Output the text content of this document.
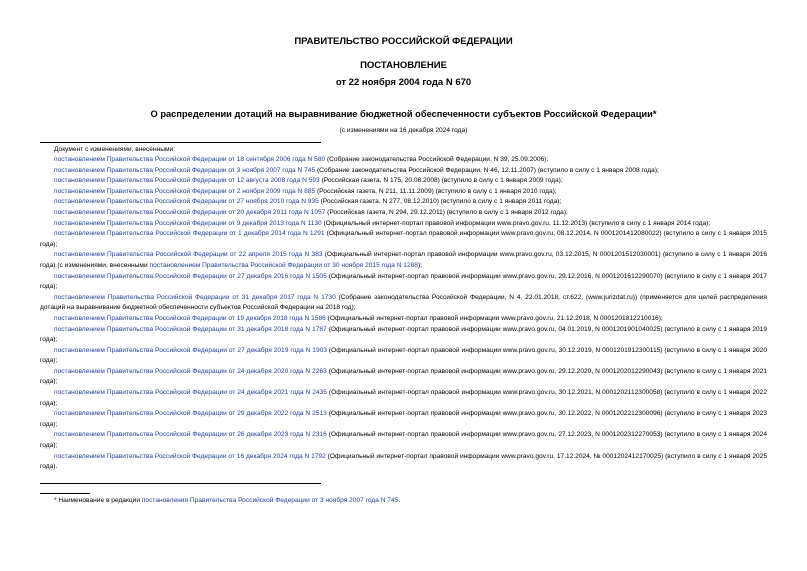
ПРАВИТЕЛЬСТВО РОССИЙСКОЙ ФЕДЕРАЦИИ
ПОСТАНОВЛЕНИЕ
от 22 ноября 2004 года N 670
О распределении дотаций на выравнивание бюджетной обеспеченности субъектов Российской Федерации*
(с изменениями на 16 декабря 2024 года)
Документ с изменениями, внесенными:

постановлением Правительства Российской Федерации от 18 сентября 2006 года N 580 (Собрание законодательства Российской Федерации, N 39, 25.09.2006);

постановлением Правительства Российской Федерации от 3 ноября 2007 года N 745 (Собрание законодательства Российской Федерации, N 46, 12.11.2007) (вступило в силу с 1 января 2008 года);

постановлением Правительства Российской Федерации от 12 августа 2008 года N 593 (Российская газета, N 175, 20.08.2008) (вступило в силу с 1 января 2009 года);

постановлением Правительства Российской Федерации от 2 ноября 2009 года N 885 (Российская газета, N 211, 11.11.2009) (вступило в силу с 1 января 2010 года);

постановлением Правительства Российской Федерации от 27 ноября 2010 года N 935 (Российская газета, N 277, 08.12.2010) (вступило в силу с 1 января 2011 года);

постановлением Правительства Российской Федерации от 20 декабря 2011 года N 1057 (Российская газета, N 294, 29.12.2011) (вступило в силу с 1 января 2012 года);

постановлением Правительства Российской Федерации от 9 декабря 2013 года N 1130 (Официальный интернет-портал правовой информации www.pravo.gov.ru, 11.12.2013) (вступило в силу с 1 января 2014 года);

постановлением Правительства Российской Федерации от 1 декабря 2014 года N 1291 (Официальный интернет-портал правовой информации www.pravo.gov.ru, 08.12.2014, N 0001201412080022) (вступило в силу с 1 января 2015 года);

постановлением Правительства Российской Федерации от 22 апреля 2015 года N 383 (Официальный интернет-портал правовой информации www.pravo.gov.ru, 03.12.2015, N 0001201512030001) (вступило в силу с 1 января 2016 года) (с изменениями, внесенными постановлением Правительства Российской Федерации от 30 ноября 2015 года N 1288);

постановлением Правительства Российской Федерации от 27 декабря 2016 года N 1505 (Официальный интернет-портал правовой информации www.pravo.gov.ru, 29.12.2016, N 0001201612290070) (вступило в силу с 1 января 2017 года);

постановлением Правительства Российской Федерации от 31 декабря 2017 года N 1730 (Собрание законодательства Российской Федерации, N 4, 22.01.2018, ст.622, (www.jurizdat.ru)) (применяется для целей распределения дотаций на выравнивание бюджетной обеспеченности субъектов Российской Федерации на 2018 год);

постановлением Правительства Российской Федерации от 19 декабря 2018 года N 1586 (Официальный интернет-портал правовой информации www.pravo.gov.ru, 21.12.2018, N 0001201812210016);

постановлением Правительства Российской Федерации от 31 декабря 2018 года N 1787 (Официальный интернет-портал правовой информации www.pravo.gov.ru, 04.01.2019, N 0001201901040025) (вступило в силу с 1 января 2019 года);

постановлением Правительства Российской Федерации от 27 декабря 2019 года N 1903 (Официальный интернет-портал правовой информации www.pravo.gov.ru, 30.12.2019, N 0001201912300115) (вступило в силу с 1 января 2020 года);

постановлением Правительства Российской Федерации от 24 декабря 2020 года N 2263 (Официальный интернет-портал правовой информации www.pravo.gov.ru, 29.12.2020, N 0001202012290043) (вступило в силу с 1 января 2021 года);

постановлением Правительства Российской Федерации от 24 декабря 2021 года N 2435 (Официальный интернет-портал правовой информации www.pravo.gov.ru, 30.12.2021, N 0001202112300058) (вступило в силу с 1 января 2022 года);

постановлением Правительства Российской Федерации от 29 декабря 2022 года N 2513 (Официальный интернет-портал правовой информации www.pravo.gov.ru, 30.12.2022, N 0001202212300096) (вступило в силу с 1 января 2023 года);

постановлением Правительства Российской Федерации от 26 декабря 2023 года N 2316 (Официальный интернет-портал правовой информации www.pravo.gov.ru, 27.12.2023, N 0001202312270053) (вступило в силу с 1 января 2024 года);

постановлением Правительства Российской Федерации от 16 декабря 2024 года N 1792 (Официальный интернет-портал правовой информации www.pravo.gov.ru, 17.12.2024, № 0001202412170025) (вступило в силу с 1 января 2025 года).

* Наименование в редакции постановления Правительства Российской Федерации от 3 ноября 2007 года N 745.
